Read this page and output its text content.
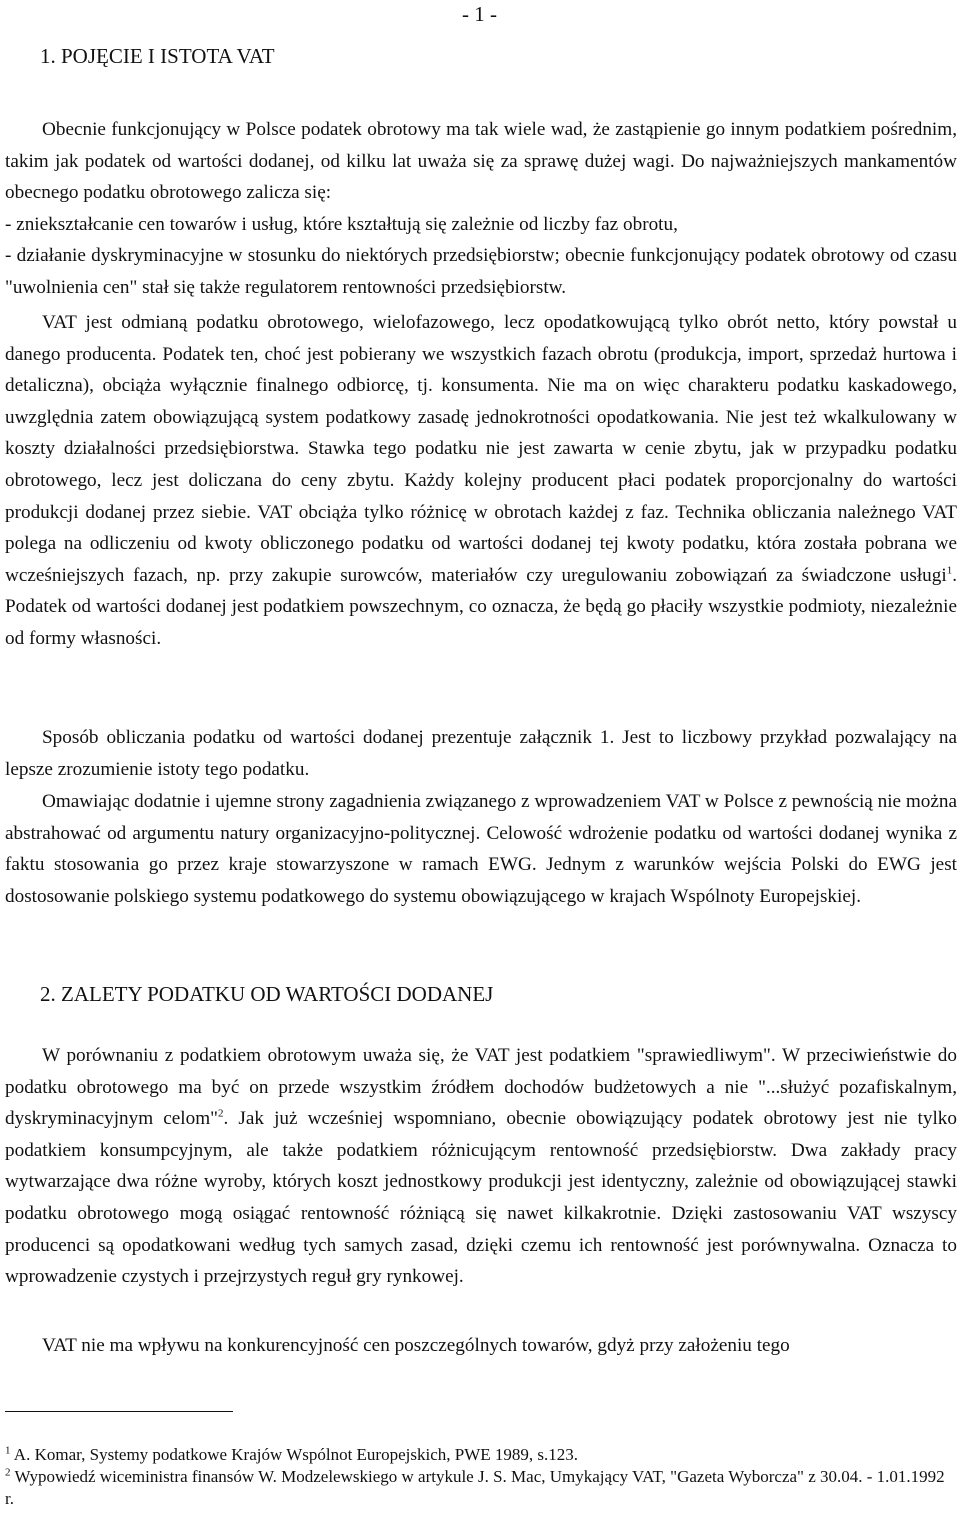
- 1 -
1. POJĘCIE I ISTOTA VAT

Obecnie funkcjonujący w Polsce podatek obrotowy ma tak wiele wad, że zastąpienie go innym podatkiem pośrednim, takim jak podatek od wartości dodanej, od kilku lat uważa się za sprawę dużej wagi. Do najważniejszych mankamentów obecnego podatku obrotowego zalicza się:
- zniekształcanie cen towarów i usług, które kształtują się zależnie od liczby faz obrotu,
- działanie dyskryminacyjne w stosunku do niektórych przedsiębiorstw; obecnie funkcjonujący podatek obrotowy od czasu "uwolnienia cen" stał się także regulatorem rentowności przedsiębiorstw.

VAT jest odmianą podatku obrotowego, wielofazowego, lecz opodatkowującą tylko obrót netto, który powstał u danego producenta. Podatek ten, choć jest pobierany we wszystkich fazach obrotu (produkcja, import, sprzedaż hurtowa i detaliczna), obciąża wyłącznie finalnego odbiorcę, tj. konsumenta. Nie ma on więc charakteru podatku kaskadowego, uwzględnia zatem obowiązującą system podatkowy zasadę jednokrotności opodatkowania. Nie jest też wkalkulowany w koszty działalności przedsiębiorstwa. Stawka tego podatku nie jest zawarta w cenie zbytu, jak w przypadku podatku obrotowego, lecz jest doliczana do ceny zbytu. Każdy kolejny producent płaci podatek proporcjonalny do wartości produkcji dodanej przez siebie. VAT obciąża tylko różnicę w obrotach każdej z faz. Technika obliczania należnego VAT polega na odliczeniu od kwoty obliczonego podatku od wartości dodanej tej kwoty podatku, która została pobrana we wcześniejszych fazach, np. przy zakupie surowców, materiałów czy uregulowaniu zobowiązań za świadczone usługi$^1$. Podatek od wartości dodanej jest podatkiem powszechnym, co oznacza, że będą go płaciły wszystkie podmioty, niezależnie od formy własności.

Sposób obliczania podatku od wartości dodanej prezentuje załącznik 1. Jest to liczbowy przykład pozwalający na lepsze zrozumienie istoty tego podatku.

Omawiając dodatnie i ujemne strony zagadnienia związanego z wprowadzeniem VAT w Polsce z pewnością nie można abstrahować od argumentu natury organizacyjno-politycznej. Celowość wdrożenie podatku od wartości dodanej wynika z faktu stosowania go przez kraje stowarzyszone w ramach EWG. Jednym z warunków wejścia Polski do EWG jest dostosowanie polskiego systemu podatkowego do systemu obowiązującego w krajach Wspólnoty Europejskiej.

2. ZALETY PODATKU OD WARTOŚCI DODANEJ

W porównaniu z podatkiem obrotowym uważa się, że VAT jest podatkiem "sprawiedliwym". W przeciwieństwie do podatku obrotowego ma być on przede wszystkim źródłem dochodów budżetowych a nie "...służyć pozafiskalnym, dyskryminacyjnym celom"$^2$. Jak już wcześniej wspomniano, obecnie obowiązujący podatek obrotowy jest nie tylko podatkiem konsumpcyjnym, ale także podatkiem różnicującym rentowność przedsiębiorstw. Dwa zakłady pracy wytwarzające dwa różne wyroby, których koszt jednostkowy produkcji jest identyczny, zależnie od obowiązującej stawki podatku obrotowego mogą osiągać rentowność różniącą się nawet kilkakrotnie. Dzięki zastosowaniu VAT wszyscy producenci są opodatkowani według tych samych zasad, dzięki czemu ich rentowność jest porównywalna. Oznacza to wprowadzenie czystych i przejrzystych reguł gry rynkowej.

VAT nie ma wpływu na konkurencyjność cen poszczególnych towarów, gdyż przy założeniu tego

$^1$ A. Komar, Systemy podatkowe Krajów Wspólnot Europejskich, PWE 1989, s.123.

$^2$ Wypowiedź wiceministra finansów W. Modzelewskiego w artykule J. S. Mac, Umykający VAT, "Gazeta Wyborcza" z 30.04. - 1.01.1992 r.
